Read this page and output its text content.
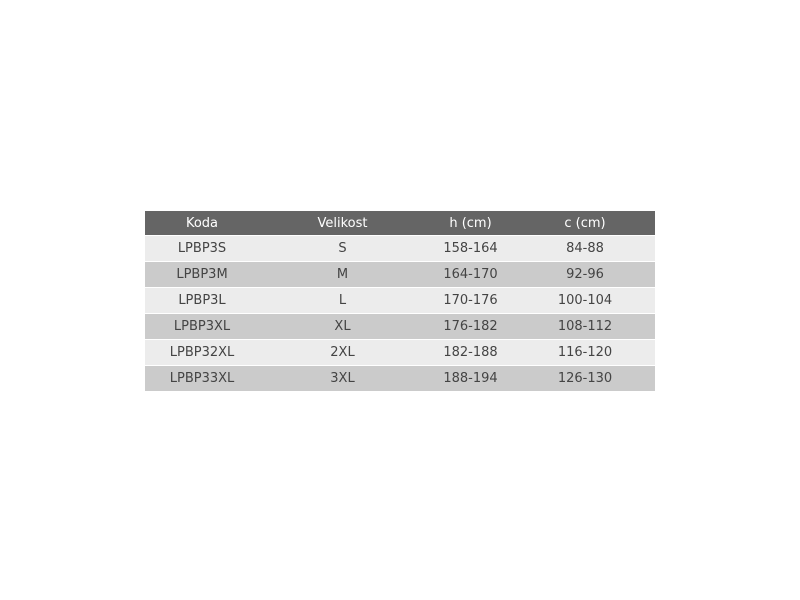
Koda	Velikost	h (cm)	c (cm)
LPBP3S	S	158-164	84-88
LPBP3M	M	164-170	92-96
LPBP3L	L	170-176	100-104
LPBP3XL	XL	176-182	108-112
LPBP32XL	2XL	182-188	116-120
LPBP33XL	3XL	188-194	126-130
